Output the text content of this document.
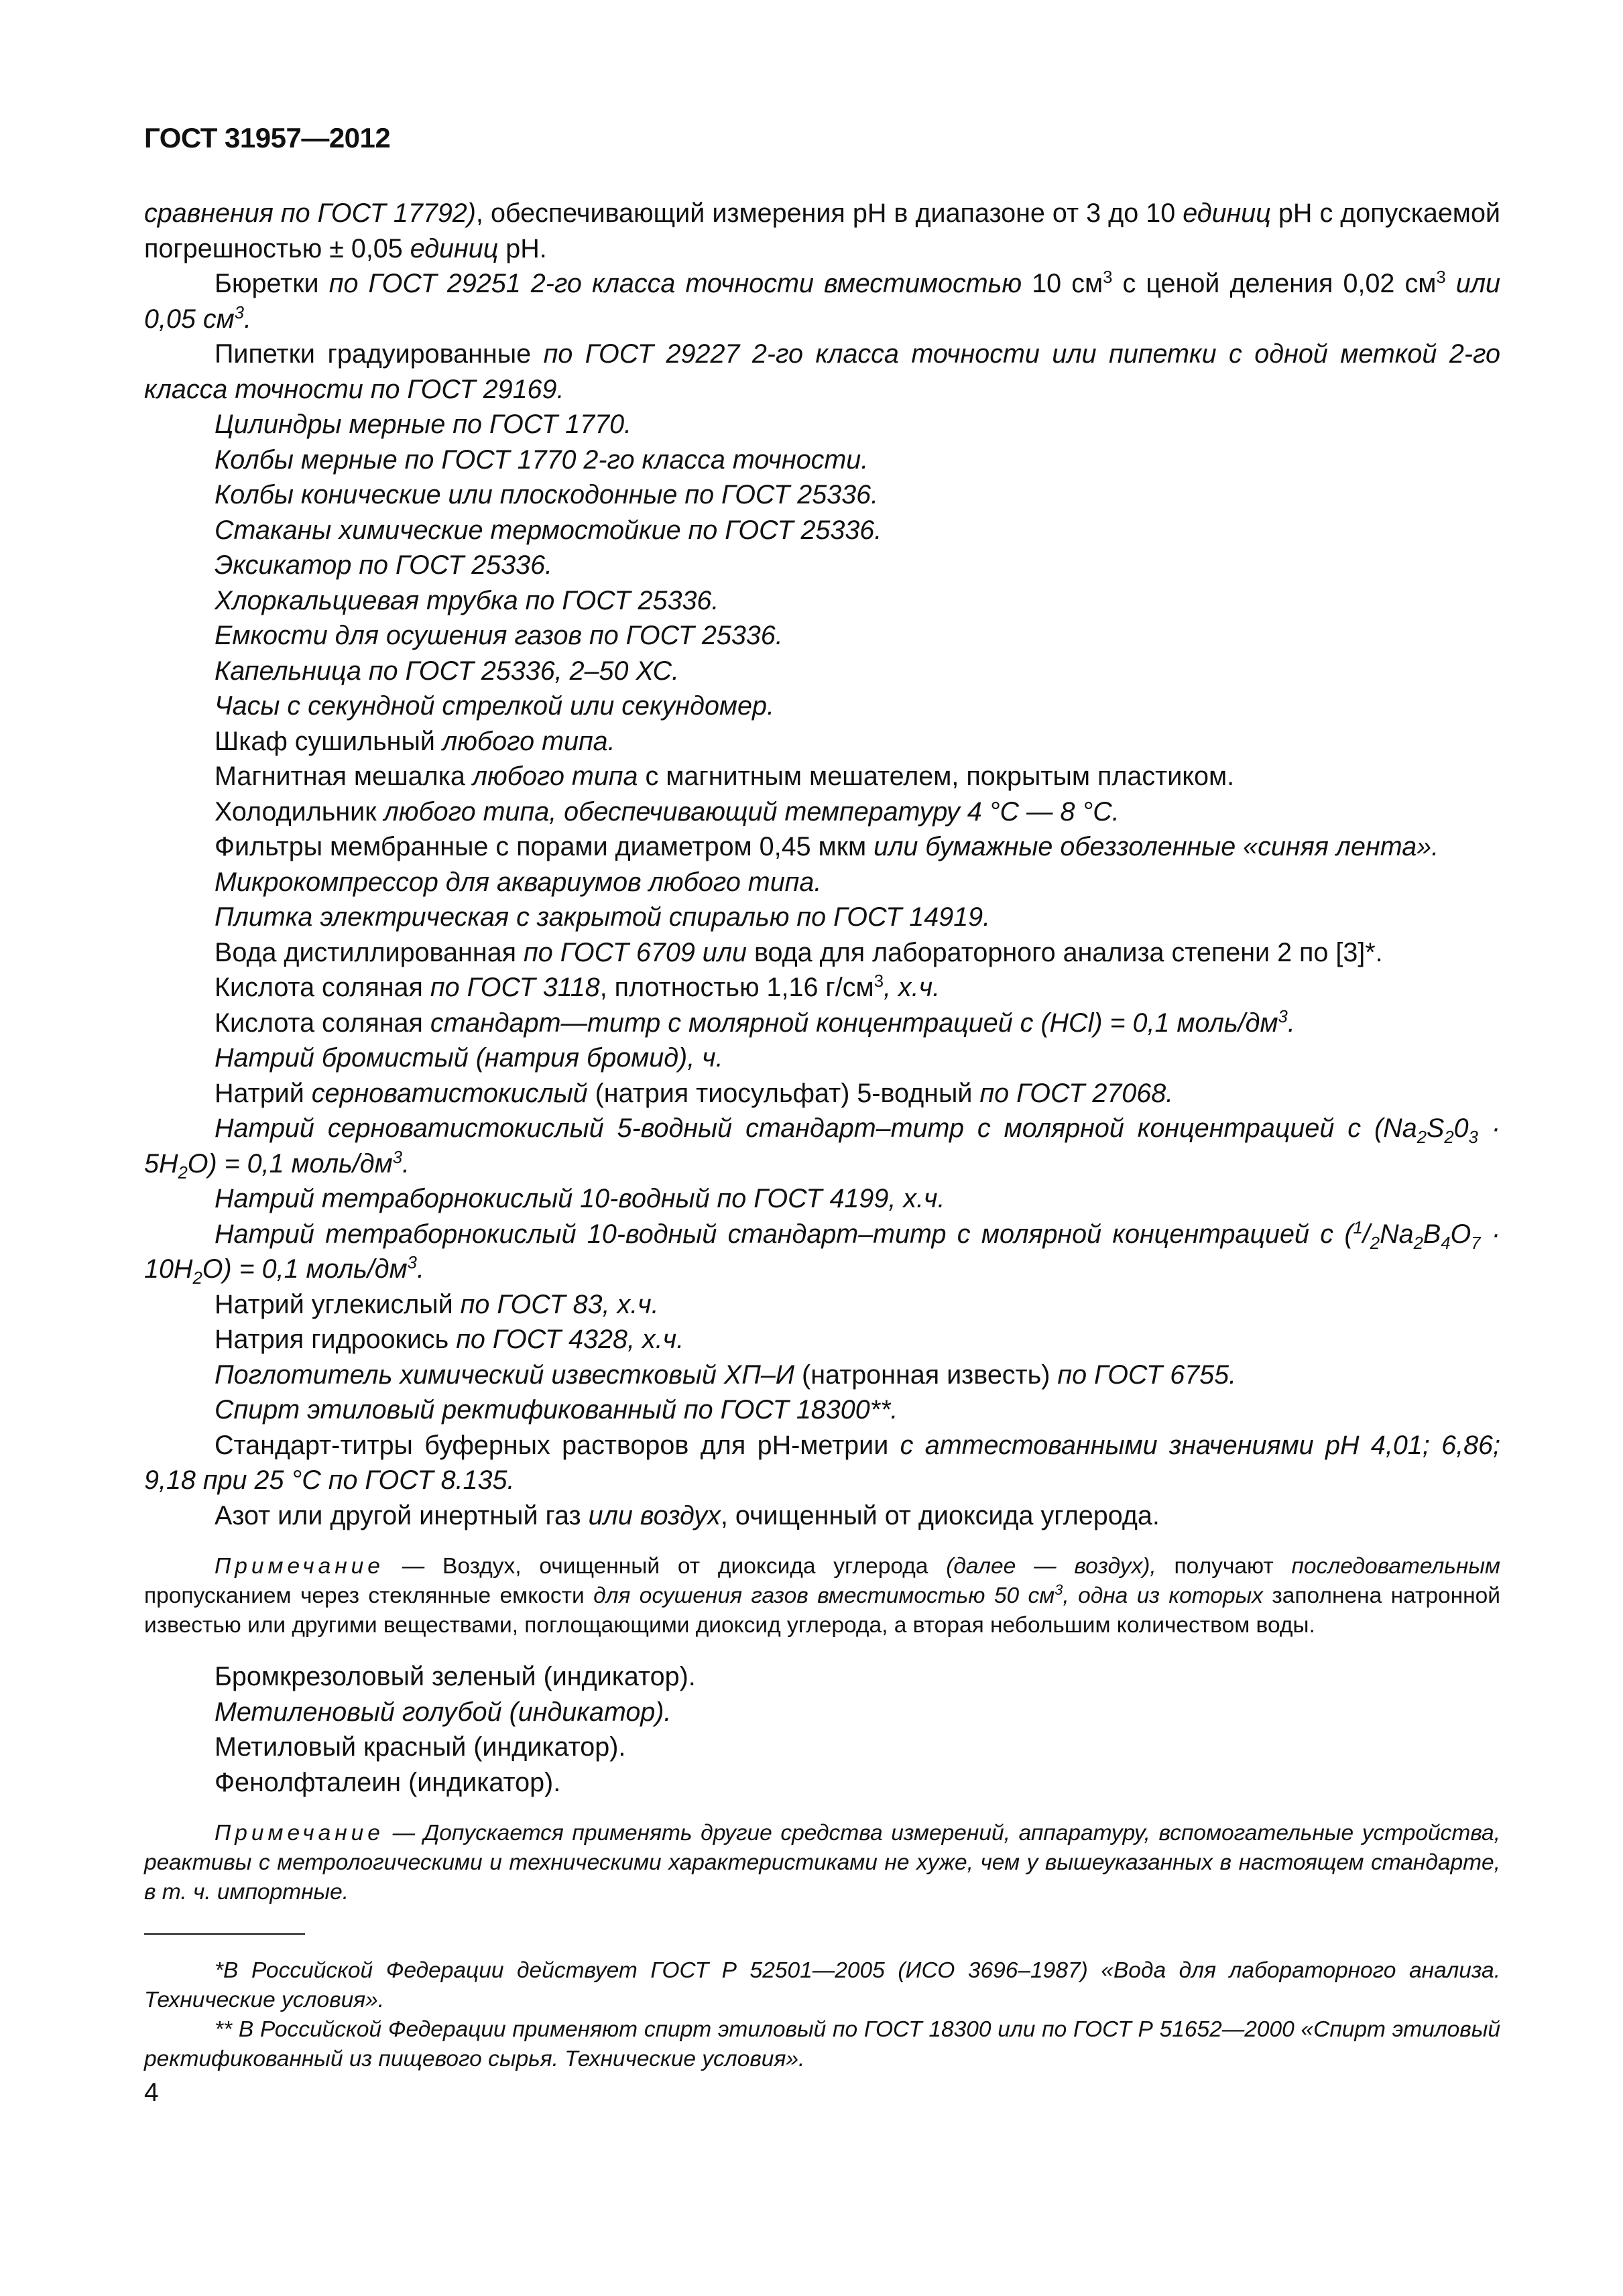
ГОСТ 31957—2012

сравнения по ГОСТ 17792), обеспечивающий измерения рН в диапазоне от 3 до 10 единиц рН с допускаемой погрешностью ± 0,05 единиц рН.

Бюретки по ГОСТ 29251 2-го класса точности вместимостью 10 $см^3$ с ценой деления 0,02 $см^3$ или 0,05 $см^3$.

Пипетки градуированные по ГОСТ 29227 2-го класса точности или пипетки с одной меткой 2-го класса точности по ГОСТ 29169.

Цилиндры мерные по ГОСТ 1770.

Колбы мерные по ГОСТ 1770 2-го класса точности.

Колбы конические или плоскодонные по ГОСТ 25336.

Стаканы химические термостойкие по ГОСТ 25336.

Эксикатор по ГОСТ 25336.

Хлоркальциевая трубка по ГОСТ 25336.

Емкости для осушения газов по ГОСТ 25336.

Капельница по ГОСТ 25336, 2–50 ХС.

Часы с секундной стрелкой или секундомер.

Шкаф сушильный любого типа.

Магнитная мешалка любого типа с магнитным мешателем, покрытым пластиком.

Холодильник любого типа, обеспечивающий температуру 4 °С — 8 °С.

Фильтры мембранные с порами диаметром 0,45 мкм или бумажные обеззоленные «синяя лента».

Микрокомпрессор для аквариумов любого типа.

Плитка электрическая с закрытой спиралью по ГОСТ 14919.

Вода дистиллированная по ГОСТ 6709 или вода для лабораторного анализа степени 2 по [3]*.

Кислота соляная по ГОСТ 3118, плотностью 1,16 $г/см^3$, х.ч.

Кислота соляная стандарт—титр с молярной концентрацией с (HCl) = 0,1 моль/$дм^3$.

Натрий бромистый (натрия бромид), ч.

Натрий серноватистокислый (натрия тиосульфат) 5-водный по ГОСТ 27068.

Натрий серноватистокислый 5-водный стандарт–титр с молярной концентрацией с $(Na_2S_20_3 \cdot 5H_2O) = 0,1$ моль/$дм^3$.

Натрий тетраборнокислый 10-водный по ГОСТ 4199, х.ч.

Натрий тетраборнокислый 10-водный стандарт–титр с молярной концентрацией с $(^1/_2Na_2B_4O_7 \cdot 10H_2O) = 0,1$ моль/$дм^3$.

Натрий углекислый по ГОСТ 83, х.ч.

Натрия гидроокись по ГОСТ 4328, х.ч.

Поглотитель химический известковый ХП–И (натронная известь) по ГОСТ 6755.

Спирт этиловый ректификованный по ГОСТ 18300**.

Стандарт-титры буферных растворов для рН-метрии с аттестованными значениями рН 4,01; 6,86; 9,18 при 25 °С по ГОСТ 8.135.

Азот или другой инертный газ или воздух, очищенный от диоксида углерода.

Примечание — Воздух, очищенный от диоксида углерода (далее — воздух), получают последовательным пропусканием через стеклянные емкости для осушения газов вместимостью 50 $см^3$, одна из которых заполнена натронной известью или другими веществами, поглощающими диоксид углерода, а вторая небольшим количеством воды.

Бромкрезоловый зеленый (индикатор).

Метиленовый голубой (индикатор).

Метиловый красный (индикатор).

Фенолфталеин (индикатор).

Примечание — Допускается применять другие средства измерений, аппаратуру, вспомогательные устройства, реактивы с метрологическими и техническими характеристиками не хуже, чем у вышеуказанных в настоящем стандарте, в т. ч. импортные.

*В Российской Федерации действует ГОСТ Р 52501—2005 (ИСО 3696–1987) «Вода для лабораторного анализа. Технические условия».

** В Российской Федерации применяют спирт этиловый по ГОСТ 18300 или по ГОСТ Р 51652—2000 «Спирт этиловый ректификованный из пищевого сырья. Технические условия».

4
